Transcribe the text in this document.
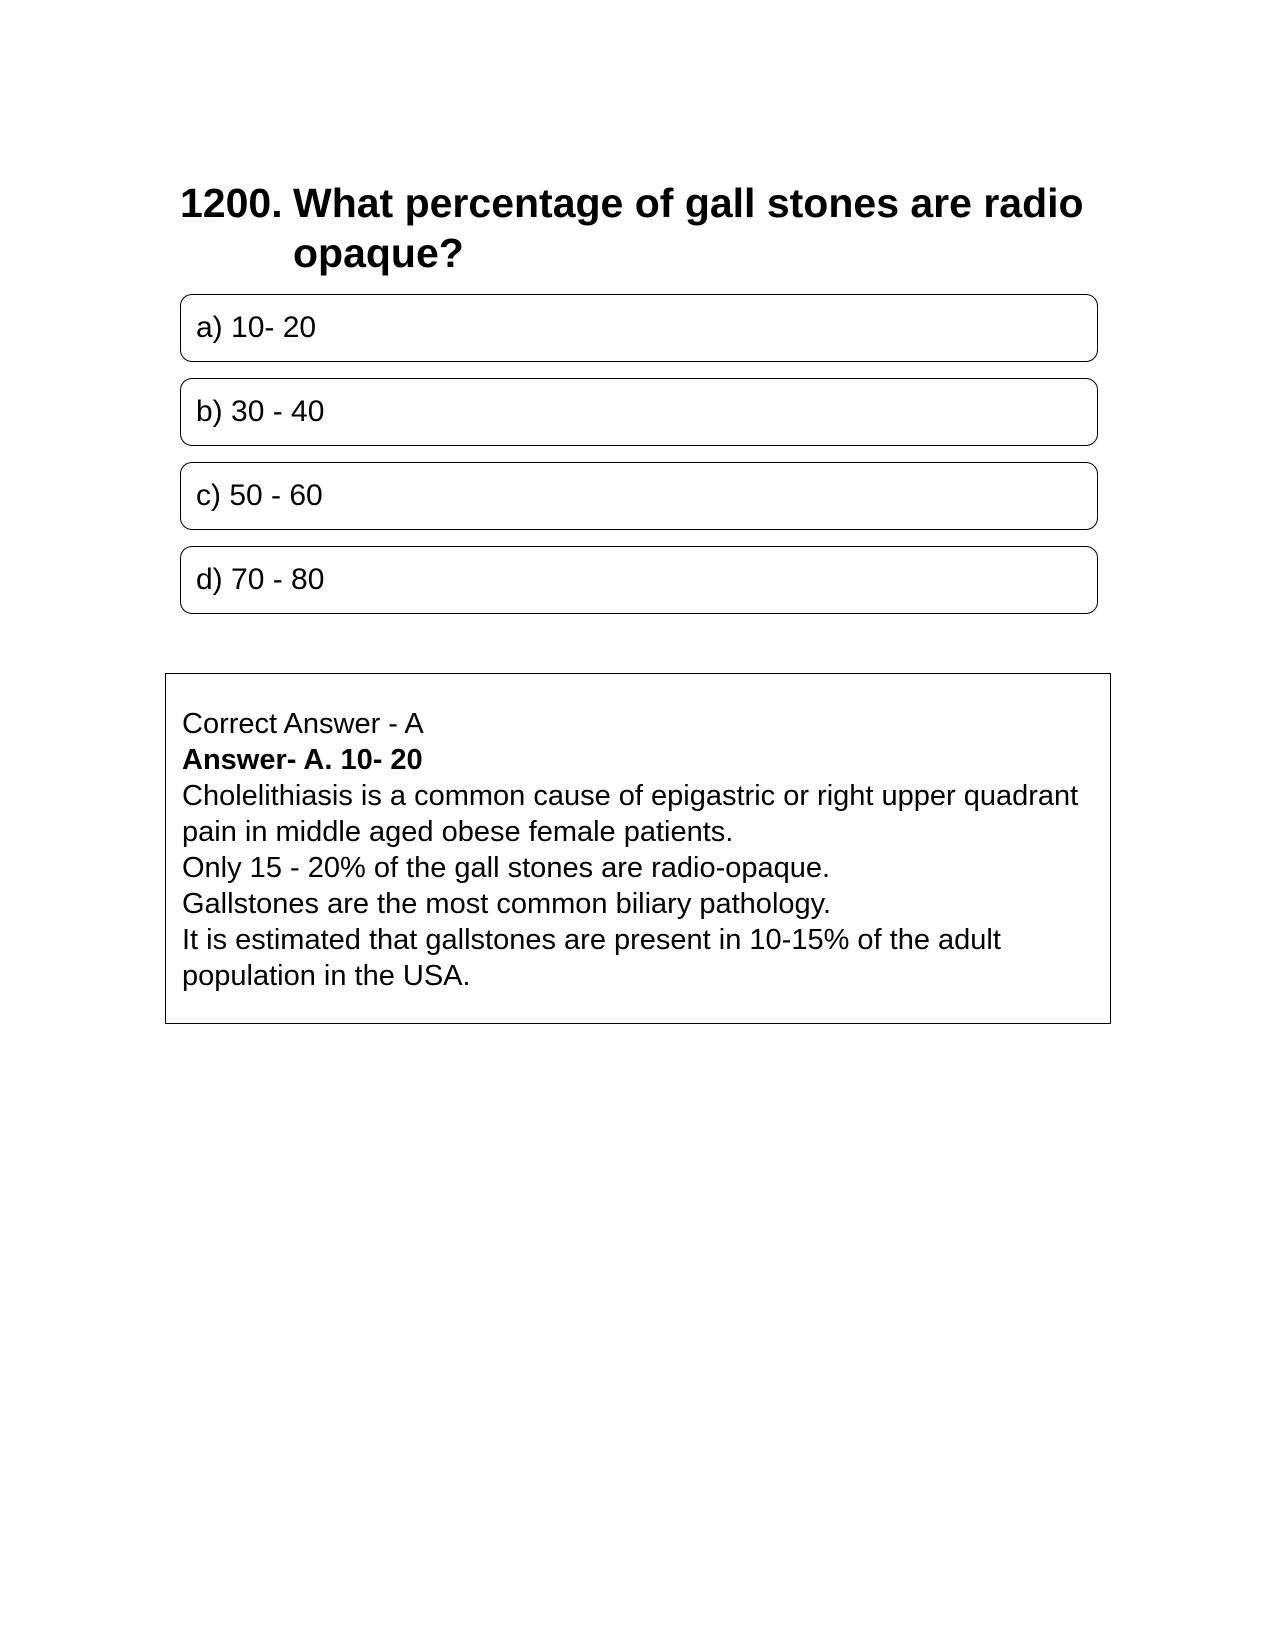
1200. What percentage of gall stones are radio opaque?
a) 10- 20
b) 30 - 40
c) 50 - 60
d) 70 - 80
Correct Answer - A
Answer- A. 10- 20
Cholelithiasis is a common cause of epigastric or right upper quadrant pain in middle aged obese female patients.
Only 15 - 20% of the gall stones are radio-opaque.
Gallstones are the most common biliary pathology.
It is estimated that gallstones are present in 10-15% of the adult population in the USA.
